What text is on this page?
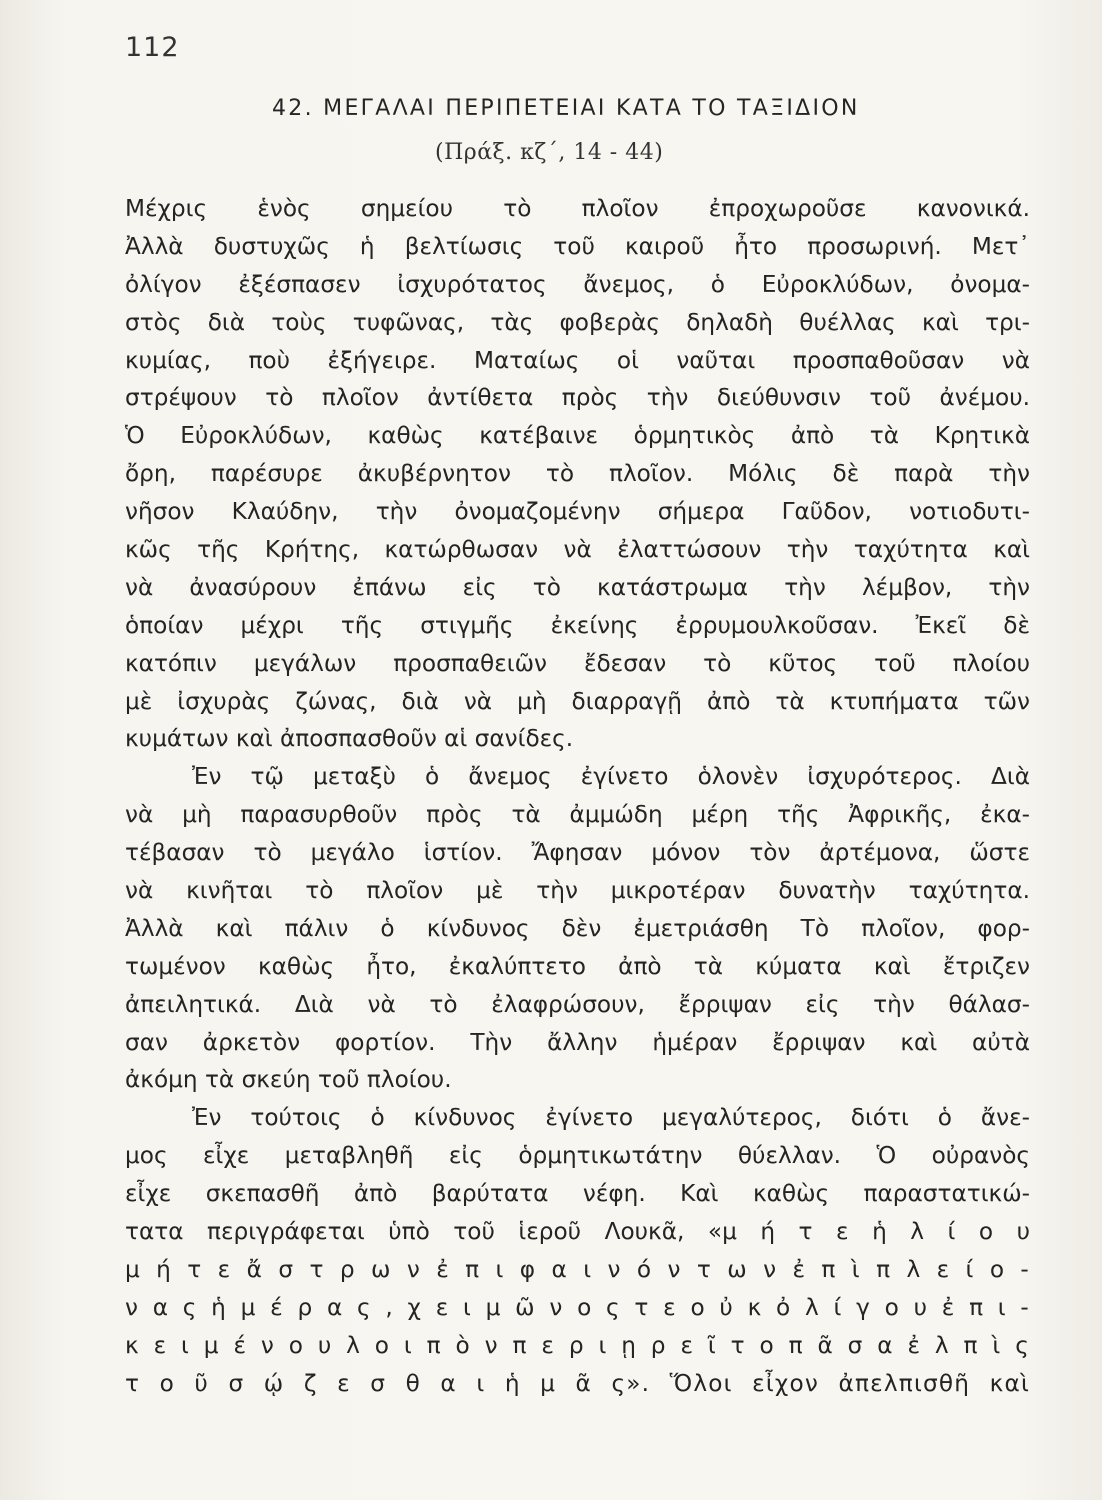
112
42. ΜΕΓΑΛΑΙ ΠΕΡΙΠΕΤΕΙΑΙ ΚΑΤΑ ΤΟ ΤΑΞΙΔΙΟΝ
(Πράξ. κζ΄, 14 - 44)
Μέχρις ἑνὸς σημείου τὸ πλοῖον ἐπροχωροῦσε κανονικά.
Ἀλλὰ δυστυχῶς ἡ βελτίωσις τοῦ καιροῦ ἦτο προσωρινή. Μετ᾽
ὀλίγον ἐξέσπασεν ἰσχυρότατος ἄνεμος, ὁ Εὐροκλύδων, ὀνομα-
στὸς διὰ τοὺς τυφῶνας, τὰς φοβερὰς δηλαδὴ θυέλλας καὶ τρι-
κυμίας, ποὺ ἐξήγειρε. Ματαίως οἱ ναῦται προσπαθοῦσαν νὰ
στρέψουν τὸ πλοῖον ἀντίθετα πρὸς τὴν διεύθυνσιν τοῦ ἀνέμου.
Ὁ Εὐροκλύδων, καθὼς κατέβαινε ὁρμητικὸς ἀπὸ τὰ Κρητικὰ
ὄρη, παρέσυρε ἀκυβέρνητον τὸ πλοῖον. Μόλις δὲ παρὰ τὴν
νῆσον Κλαύδην, τὴν ὀνομαζομένην σήμερα Γαῦδον, νοτιοδυτι-
κῶς τῆς Κρήτης, κατώρθωσαν νὰ ἐλαττώσουν τὴν ταχύτητα καὶ
νὰ ἀνασύρουν ἐπάνω εἰς τὸ κατάστρωμα τὴν λέμβον, τὴν
ὁποίαν μέχρι τῆς στιγμῆς ἐκείνης ἐρρυμουλκοῦσαν. Ἐκεῖ δὲ
κατόπιν μεγάλων προσπαθειῶν ἔδεσαν τὸ κῦτος τοῦ πλοίου
μὲ ἰσχυρὰς ζώνας, διὰ νὰ μὴ διαρραγῇ ἀπὸ τὰ κτυπήματα τῶν
κυμάτων καὶ ἀποσπασθοῦν αἱ σανίδες.
Ἐν τῷ μεταξὺ ὁ ἄνεμος ἐγίνετο ὁλονὲν ἰσχυρότερος. Διὰ
νὰ μὴ παρασυρθοῦν πρὸς τὰ ἀμμώδη μέρη τῆς Ἀφρικῆς, ἐκα-
τέβασαν τὸ μεγάλο ἱστίον. Ἄφησαν μόνον τὸν ἀρτέμονα, ὥστε
νὰ κινῆται τὸ πλοῖον μὲ τὴν μικροτέραν δυνατὴν ταχύτητα.
Ἀλλὰ καὶ πάλιν ὁ κίνδυνος δὲν ἐμετριάσθη Τὸ πλοῖον, φορ-
τωμένον καθὼς ἦτο, ἐκαλύπτετο ἀπὸ τὰ κύματα καὶ ἔτριζεν
ἀπειλητικά. Διὰ νὰ τὸ ἐλαφρώσουν, ἔρριψαν εἰς τὴν θάλασ-
σαν ἀρκετὸν φορτίον. Τὴν ἄλλην ἡμέραν ἔρριψαν καὶ αὐτὰ
ἀκόμη τὰ σκεύη τοῦ πλοίου.
Ἐν τούτοις ὁ κίνδυνος ἐγίνετο μεγαλύτερος, διότι ὁ ἄνε-
μος εἶχε μεταβληθῆ εἰς ὁρμητικωτάτην θύελλαν. Ὁ οὐρανὸς
εἶχε σκεπασθῆ ἀπὸ βαρύτατα νέφη. Καὶ καθὼς παραστατικώ-
τατα περιγράφεται ὑπὸ τοῦ ἱεροῦ Λουκᾶ, «μ ή τ ε ἡ λ ί ο υ
μ ή τ ε ἄ σ τ ρ ω ν ἐ π ι φ α ι ν ό ν τ ω ν ἐ π ὶ π λ ε ί ο -
ν α ς ἡ μ έ ρ α ς , χ ε ι μ ῶ ν ο ς τ ε ο ὐ κ ὀ λ ί γ ο υ ἐ π ι -
κ ε ι μ έ ν ο υ λ ο ι π ὸ ν π ε ρ ι ῃ ρ ε ῖ τ ο π ᾶ σ α ἐ λ π ὶ ς
τ ο ῦ σ ῴ ζ ε σ θ α ι ἡ μ ᾶ ς». Ὅλοι εἶχον ἀπελπισθῆ καὶ
